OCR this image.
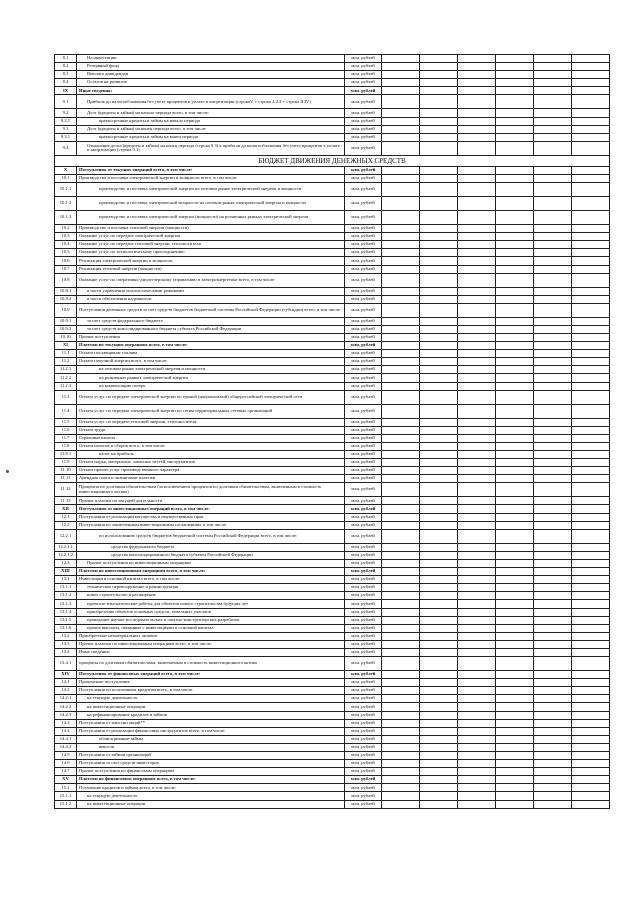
8.1	На инвестиции	млн. рублей						
8.2	Резервный фонд	млн. рублей						
8.3	Выплата дивидендов	млн. рублей						
8.4	Остаток на развитие	млн. рублей						
IX	Иные сведения:	млн. рублей						
9.1	Прибыль до налогообложения без учета процентов к уплате и амортизации (строкаV + строка 4.2.2 + строка II.IV)	млн. рублей						
9.2	Долг (кредиты и займы) на начало периода всего, в том числе:	млн. рублей						
9.2.1	краткосрочные кредиты и займы на начало периода	млн. рублей						
9.3	Долг (кредиты и займы) на конец периода всего, в том числе	млн. рублей						
9.3.1	краткосрочные кредиты и займы на конец периода	млн. рублей						
9.4	Отношение долга (кредиты и займы) на конец периода (строка 9.3) к прибыли до налогообложения без учета процентов к уплате и амортизации (строка 9.1)	млн. рублей						
БЮДЖЕТ ДВИЖЕНИЯ ДЕНЕЖНЫХ СРЕДСТВ								
X	Поступления от текущих операций всего, в том числе:	млн. рублей						
10.1	Производство и поставка электрической энергии и мощности всего, в том числе:	млн. рублей						
10.1.1	производство и поставка электрической энергии на оптовом рынке электрической энергии и мощности	млн. рублей						
10.1.2	производство и поставка электрической мощности на оптовом рынке электрической энергии и мощности	млн. рублей						
10.1.3	производство и поставка электрической энергии (мощности) на розничных рынках электрической энергии	млн. рублей						
10.2	Производство и поставка тепловой энергии (мощности)	млн. рублей						
10.3	Оказание услуг по передаче электрической энергии	млн. рублей						
10.4	Оказание услуг по передаче тепловой энергии, теплоносителя	млн. рублей						
10.5	Оказание услуг по технологическому присоединению	млн. рублей						
10.6	Реализация электрической энергии и мощности	млн. рублей						
10.7	Реализация тепловой энергии (мощности)	млн. рублей						
10.8	Оказание услуг по оперативно-диспетчерскому управлению в электроэнергетике всего, в том числе:	млн. рублей						
10.8.1	в части управления технологическими режимами	млн. рублей						
10.8.2	в части обеспечения надежности	млн. рублей						
10.9	Поступления денежных средств за счет средств бюджетов бюджетной системы Российской Федерации (субсидии) всего, в том числе:	млн. рублей						
10.9.1	за счет средств федерального бюджета	млн. рублей						
10.9.2	за счет средств консолидированного бюджета субъекта Российской Федерации	млн. рублей						
10.10	Прочие поступления	млн. рублей						
XI	Платежи по текущим операциям всего, в том числе:	млн. рублей						
11.1	Оплата поставщикам топлива	млн. рублей						
11.2	Оплата покупной энергии всего, в том числе:	млн. рублей						
11.2.1	на оптовом рынке электрической энергии и мощности	млн. рублей						
11.2.2	на розничных рынках электрической энергии	млн. рублей						
11.2.3	на компенсацию потерь	млн. рублей						
11.3	Оплата услуг по передаче электрической энергии по единой (национальной) общероссийской электрической сети	млн. рублей						
11.4	Оплата услуг по передаче электрической энергии по сетям территориальных сетевых организаций	млн. рублей						
11.5	Оплата услуг по передаче тепловой энергии, теплоносителя	млн. рублей						
11.6	Оплата труда	млн. рублей						
11.7	Страховые взносы	млн. рублей						
11.8	Оплата налогов и сборов всего, в том числе:	млн. рублей						
11.8.1	налог на прибыль	млн. рублей						
11.9	Оплата сырья, материалов, запасных частей, инструментов	млн. рублей						
11.10	Оплата прочих услуг производственного характера	млн. рублей						
11.11	Арендная плата и лизинговые платежи	млн. рублей						
11.12	Проценты по долговым обязательствам (за исключением процентов по долговым обязательствам, включенным в стоимость инвестиционного актива)	млн. рублей						
11.13	Прочие платежи по текущей деятельности	млн. рублей						
XII	Поступления от инвестиционных операций всего, в том числе:	млн. рублей						
12.1	Поступления от реализации имущества и имущественных прав	млн. рублей						
12.2	Поступления по заключенным инвестиционным соглашениям, в том числе:	млн. рублей						
12.2.1	по использованию средств бюджетов бюджетной системы Российской Федерации всего, в том числе:	млн. рублей						
12.2.1.1	средства федерального бюджета	млн. рублей						
12.2.1.2	средства консолидированного бюджета субъекта Российской Федерации	млн. рублей						
12.3	Прочие поступления по инвестиционным операциям	млн. рублей						
XIII	Платежи по инвестиционным операциям всего, в том числе:	млн. рублей						
13.1	Инвестиции в основной капитал всего, в том числе:	млн. рублей						
13.1.1	техническое перевооружение и реконструкция	млн. рублей						
13.1.2	новое строительство и расширение	млн. рублей						
13.1.3	проектно-изыскательские работы для объектов нового строительства будущих лет	млн. рублей						
13.1.4	приобретение объектов основных средств, земельных участков	млн. рублей						
13.1.5	проведение научно-исследовательских и опытно-конструкторских разработок	млн. рублей						
13.1.6	прочие выплаты, связанные с инвестициями в основной капитал	млн. рублей						
13.2	Приобретение нематериальных активов	млн. рублей						
13.3	Прочие платежи по инвестиционным операциям всего, в том числе:	млн. рублей						
13.4	Иные сведения:	млн. рублей						
13.4.1	проценты по долговым обязательствам, включаемым в стоимость инвестиционного актива	млн. рублей						
XIV	Поступления от финансовых операций всего, в том числе:	млн. рублей						
14.1	Процентные поступления	млн. рублей						
14.2	Поступления по полученным кредитам всего, в том числе:	млн. рублей						
14.2.1	на текущую деятельность	млн. рублей						
14.2.2	на инвестиционные операции	млн. рублей						
14.2.3	на рефинансирование кредитов и займов	млн. рублей						
14.3	Поступления от эмиссии акций**	млн. рублей						
14.4	Поступления от реализации финансовых инструментов всего, в том числе:	млн. рублей						
14.4.1	облигационные займы	млн. рублей						
14.4.2	векселя	млн. рублей						
14.5	Поступления от займов организаций	млн. рублей						
14.6	Поступления за счет средств инвесторов	млн. рублей						
14.7	Прочие поступления по финансовым операциям	млн. рублей						
XV	Платежи по финансовым операциям всего, в том числе:	млн. рублей						
15.1	Погашение кредитов и займов всего, в том числе:	млн. рублей						
15.1.1	на текущую деятельность	млн. рублей						
15.1.2	на инвестиционные операции	млн. рублей						
